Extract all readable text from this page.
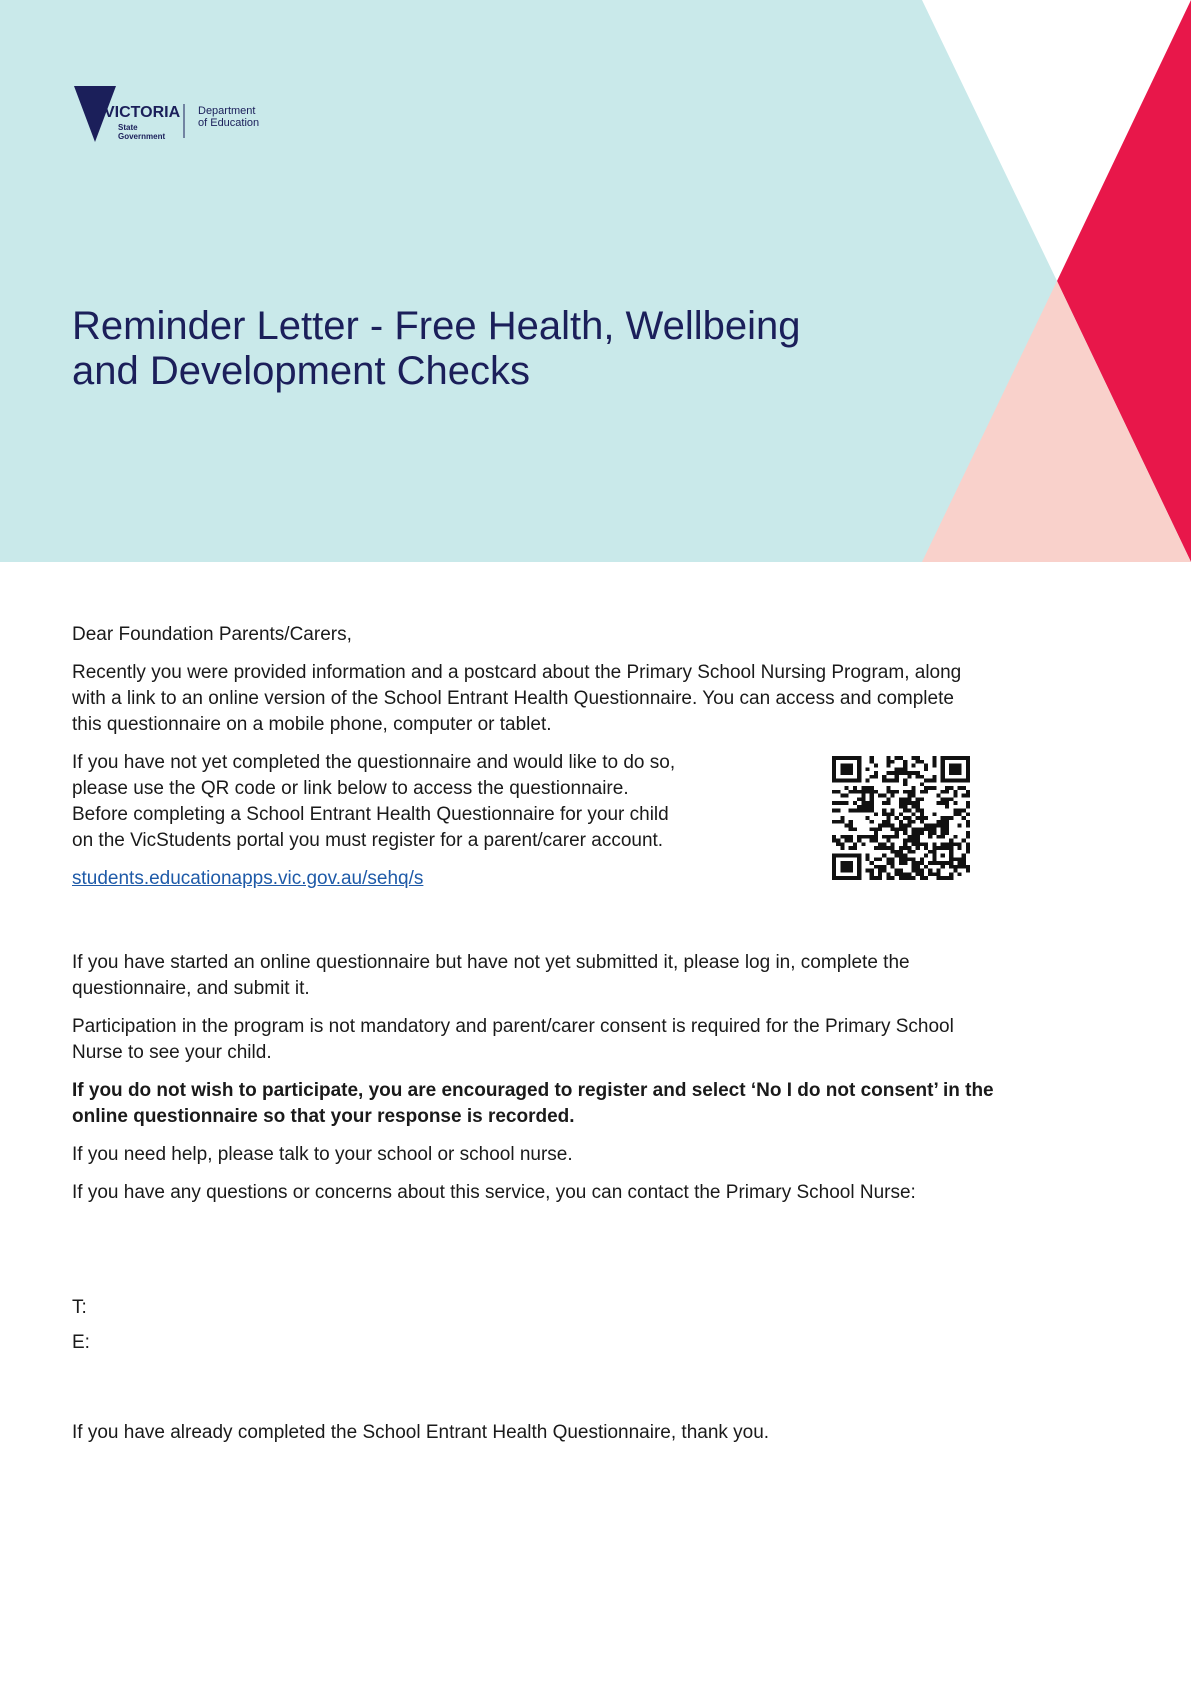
VICTORIA
State
Government
Department
of Education
Reminder Letter - Free Health, Wellbeing
and Development Checks

Dear Foundation Parents/Carers,

Recently you were provided information and a postcard about the Primary School Nursing Program, along
with a link to an online version of the School Entrant Health Questionnaire. You can access and complete
this questionnaire on a mobile phone, computer or tablet.

If you have not yet completed the questionnaire and would like to do so,
please use the QR code or link below to access the questionnaire.
Before completing a School Entrant Health Questionnaire for your child
on the VicStudents portal you must register for a parent/carer account.

students.educationapps.vic.gov.au/sehq/s

If you have started an online questionnaire but have not yet submitted it, please log in, complete the
questionnaire, and submit it.

Participation in the program is not mandatory and parent/carer consent is required for the Primary School
Nurse to see your child.

If you do not wish to participate, you are encouraged to register and select ‘No I do not consent’ in the
online questionnaire so that your response is recorded.

If you need help, please talk to your school or school nurse.

If you have any questions or concerns about this service, you can contact the Primary School Nurse:

T:
E:

If you have already completed the School Entrant Health Questionnaire, thank you.
